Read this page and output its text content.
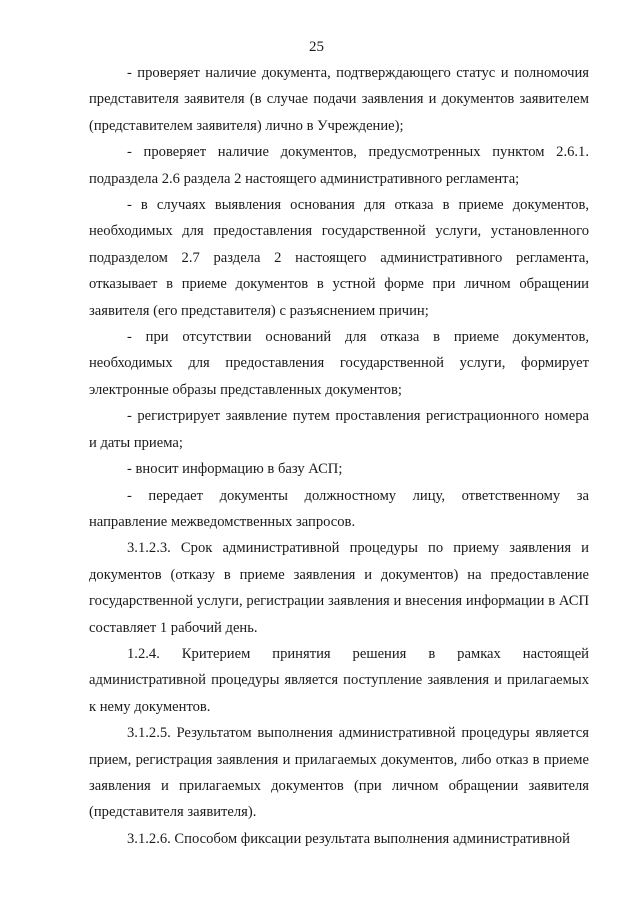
25

- проверяет наличие документа, подтверждающего статус и полномочия представителя заявителя (в случае подачи заявления и документов заявителем (представителем заявителя) лично в Учреждение);

- проверяет наличие документов, предусмотренных пунктом 2.6.1. подраздела 2.6 раздела 2 настоящего административного регламента;

- в случаях выявления основания для отказа в приеме документов, необходимых для предоставления государственной услуги, установленного подразделом 2.7 раздела 2 настоящего административного регламента, отказывает в приеме документов в устной форме при личном обращении заявителя (его представителя) с разъяснением причин;

- при отсутствии оснований для отказа в приеме документов, необходимых для предоставления государственной услуги, формирует электронные образы представленных документов;

- регистрирует заявление путем проставления регистрационного номера и даты приема;

- вносит информацию в базу АСП;

- передает документы должностному лицу, ответственному за направление межведомственных запросов.

3.1.2.3. Срок административной процедуры по приему заявления и документов (отказу в приеме заявления и документов) на предоставление государственной услуги, регистрации заявления и внесения информации в АСП составляет 1 рабочий день.

1.2.4. Критерием принятия решения в рамках настоящей административной процедуры является поступление заявления и прилагаемых к нему документов.

3.1.2.5. Результатом выполнения административной процедуры является прием, регистрация заявления и прилагаемых документов, либо отказ в приеме заявления и прилагаемых документов (при личном обращении заявителя (представителя заявителя).

3.1.2.6. Способом фиксации результата выполнения административной
